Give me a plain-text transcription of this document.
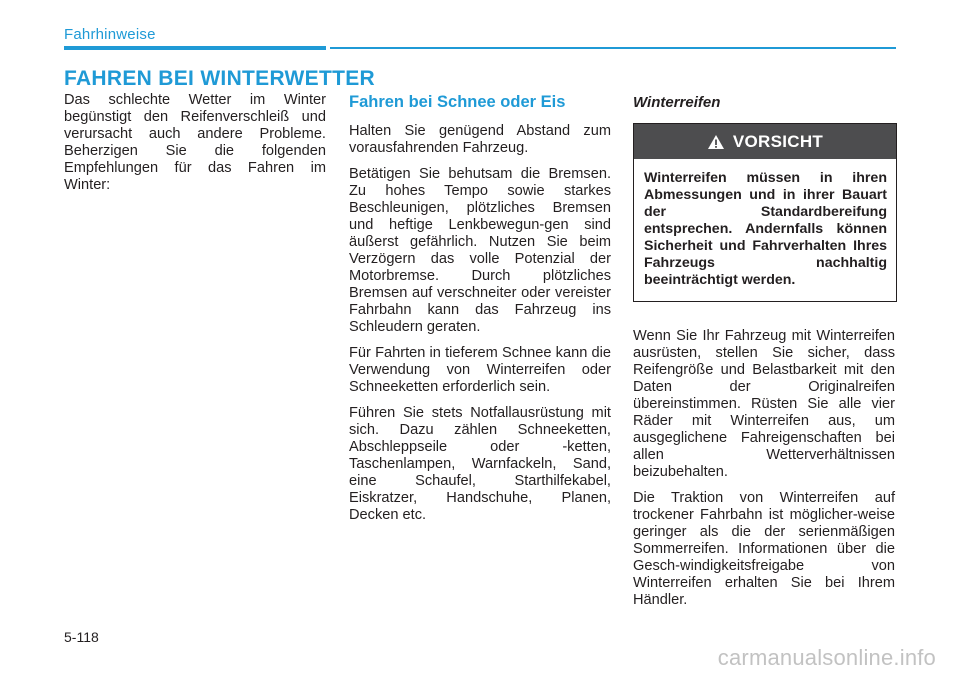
Fahrhinweise
FAHREN BEI WINTERWETTER

Das schlechte Wetter im Winter begünstigt den Reifenverschleiß und verursacht auch andere Probleme. Beherzigen Sie die folgenden Empfehlungen für das Fahren im Winter:

Fahren bei Schnee oder Eis

Halten Sie genügend Abstand zum vorausfahrenden Fahrzeug.

Betätigen Sie behutsam die Bremsen. Zu hohes Tempo sowie starkes Beschleunigen, plötzliches Bremsen und heftige Lenkbewegun-gen sind äußerst gefährlich. Nutzen Sie beim Verzögern das volle Potenzial der Motorbremse. Durch plötzliches Bremsen auf verschneiter oder vereister Fahrbahn kann das Fahrzeug ins Schleudern geraten.

Für Fahrten in tieferem Schnee kann die Verwendung von Winterreifen oder Schneeketten erforderlich sein.

Führen Sie stets Notfallausrüstung mit sich. Dazu zählen Schneeketten, Abschleppseile oder -ketten, Taschenlampen, Warnfackeln, Sand, eine Schaufel, Starthilfekabel, Eiskratzer, Handschuhe, Planen, Decken etc.

Winterreifen
VORSICHT
Winterreifen müssen in ihren Abmessungen und in ihrer Bauart der Standardbereifung entsprechen. Andernfalls können Sicherheit und Fahrverhalten Ihres Fahrzeugs nachhaltig beeinträchtigt werden.

Wenn Sie Ihr Fahrzeug mit Winterreifen ausrüsten, stellen Sie sicher, dass Reifengröße und Belastbarkeit mit den Daten der Originalreifen übereinstimmen. Rüsten Sie alle vier Räder mit Winterreifen aus, um ausgeglichene Fahreigenschaften bei allen Wetterverhältnissen beizubehalten.

Die Traktion von Winterreifen auf trockener Fahrbahn ist möglicher-weise geringer als die der serienmäßigen Sommerreifen. Informationen über die Gesch-windigkeitsfreigabe von Winterreifen erhalten Sie bei Ihrem Händler.

5-118
carmanualsonline.info
